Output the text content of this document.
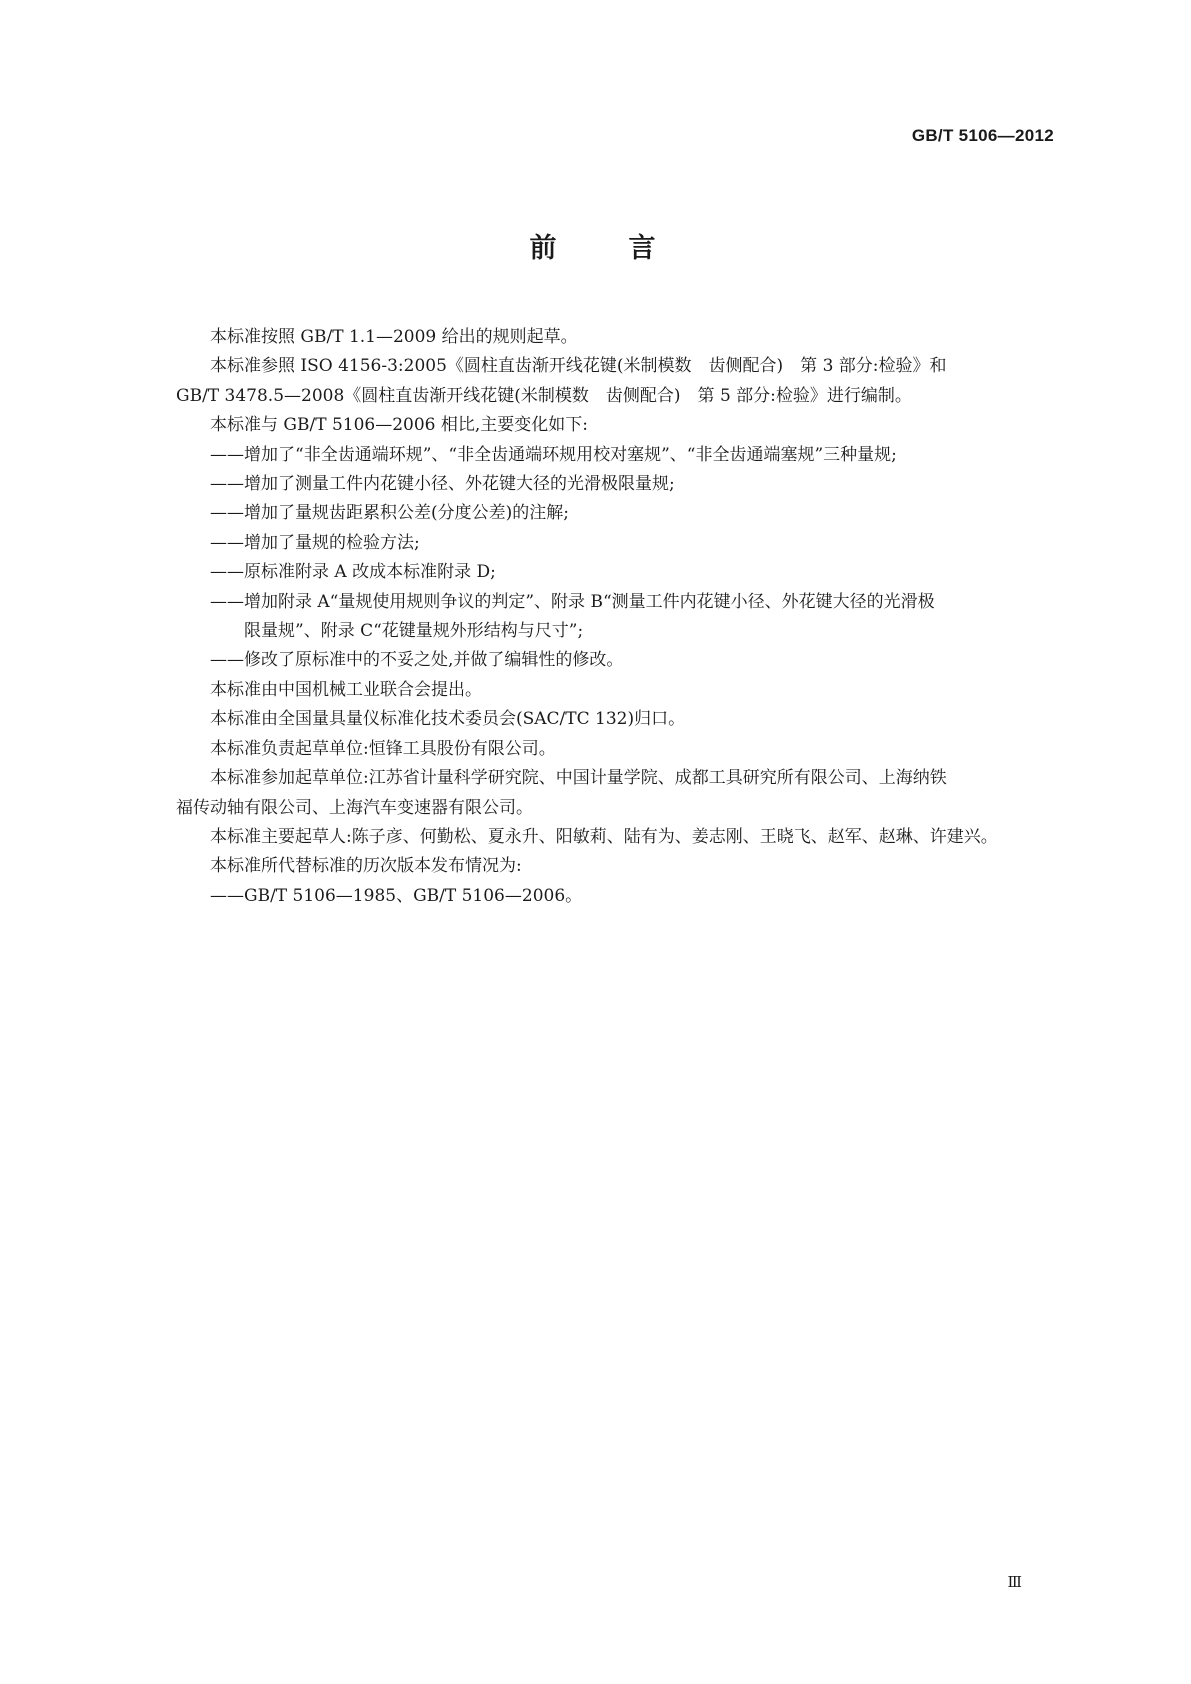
GB/T 5106—2012
前　　言

本标准按照 GB/T 1.1—2009 给出的规则起草。

本标准参照 ISO 4156-3:2005《圆柱直齿渐开线花键(米制模数　齿侧配合)　第 3 部分:检验》和

GB/T 3478.5—2008《圆柱直齿渐开线花键(米制模数　齿侧配合)　第 5 部分:检验》进行编制。

本标准与 GB/T 5106—2006 相比,主要变化如下:

——增加了“非全齿通端环规”、“非全齿通端环规用校对塞规”、“非全齿通端塞规”三种量规;

——增加了测量工件内花键小径、外花键大径的光滑极限量规;

——增加了量规齿距累积公差(分度公差)的注解;

——增加了量规的检验方法;

——原标准附录 A 改成本标准附录 D;

——增加附录 A“量规使用规则争议的判定”、附录 B“测量工件内花键小径、外花键大径的光滑极

限量规”、附录 C“花键量规外形结构与尺寸”;

——修改了原标准中的不妥之处,并做了编辑性的修改。

本标准由中国机械工业联合会提出。

本标准由全国量具量仪标准化技术委员会(SAC/TC 132)归口。

本标准负责起草单位:恒锋工具股份有限公司。

本标准参加起草单位:江苏省计量科学研究院、中国计量学院、成都工具研究所有限公司、上海纳铁

福传动轴有限公司、上海汽车变速器有限公司。

本标准主要起草人:陈子彦、何勤松、夏永升、阳敏莉、陆有为、姜志刚、王晓飞、赵军、赵琳、许建兴。

本标准所代替标准的历次版本发布情况为:

——GB/T 5106—1985、GB/T 5106—2006。

Ⅲ
